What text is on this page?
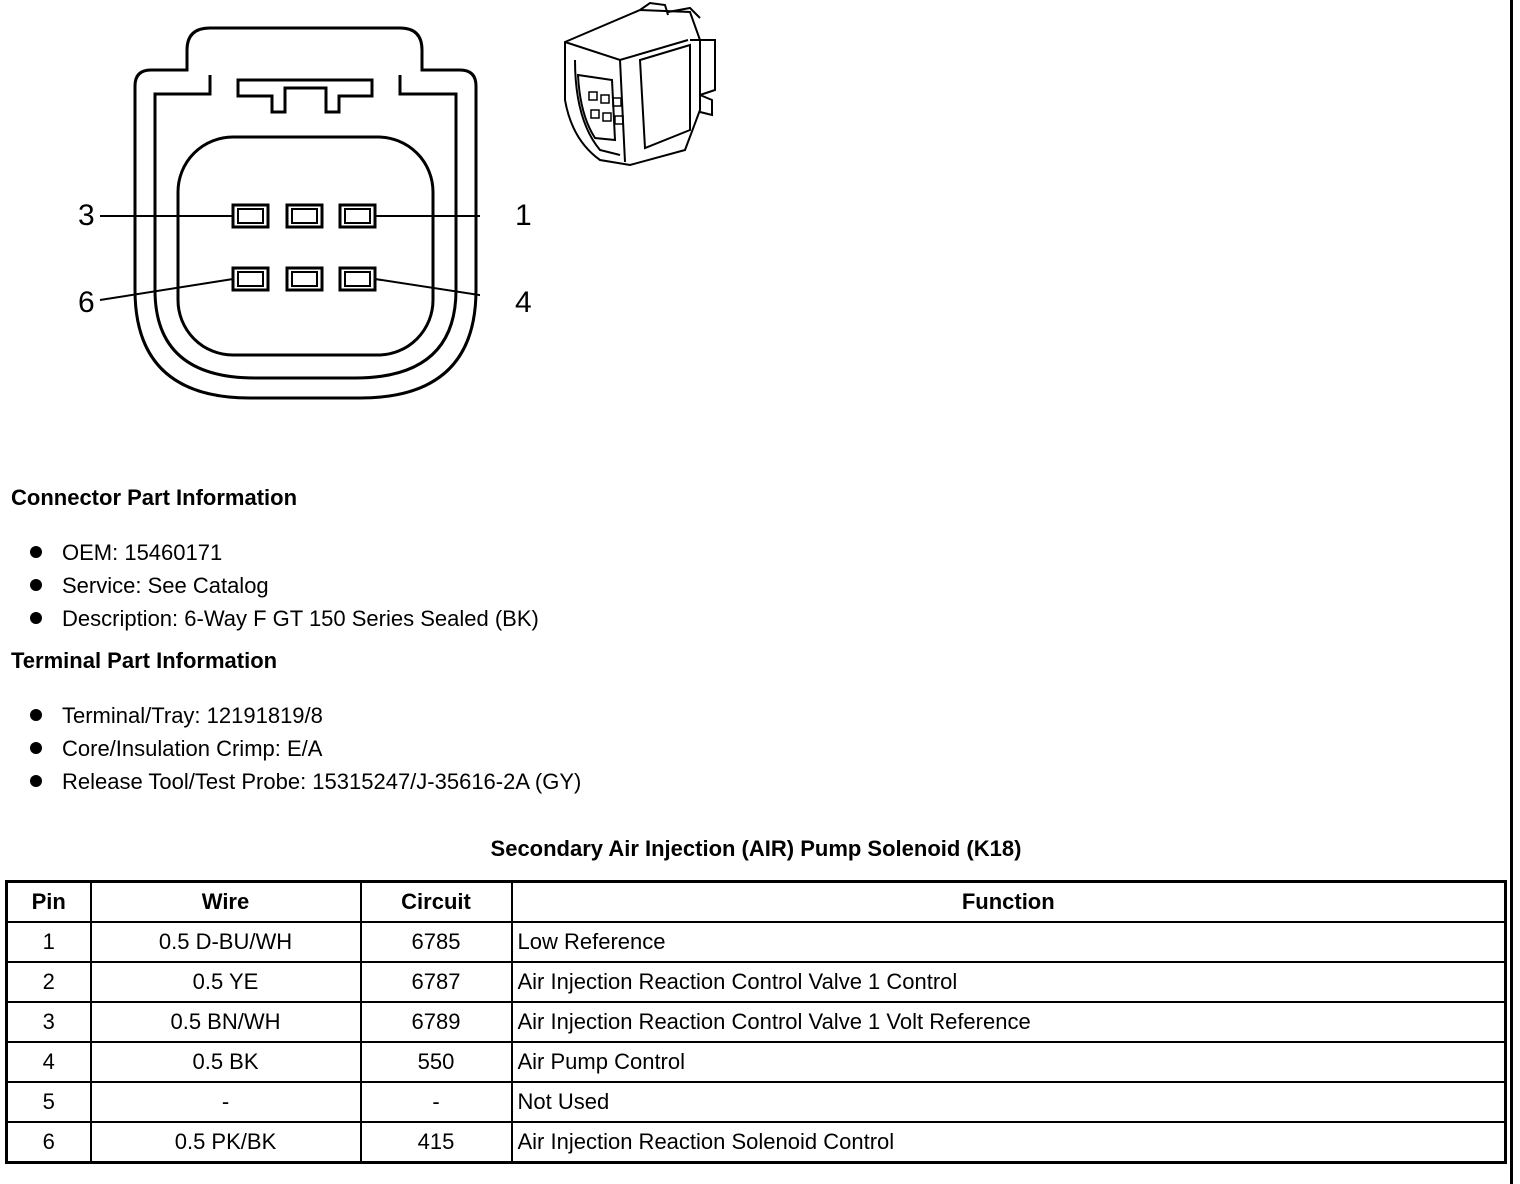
3	1
6	4
Connector Part Information
OEM: 15460171
Service: See Catalog
Description: 6-Way F GT 150 Series Sealed (BK)
Terminal Part Information
Terminal/Tray: 12191819/8
Core/Insulation Crimp: E/A
Release Tool/Test Probe: 15315247/J-35616-2A (GY)
Secondary Air Injection (AIR) Pump Solenoid (K18)
Pin	Wire	Circuit	Function
1	0.5 D-BU/WH	6785	Low Reference
2	0.5 YE	6787	Air Injection Reaction Control Valve 1 Control
3	0.5 BN/WH	6789	Air Injection Reaction Control Valve 1 Volt Reference
4	0.5 BK	550	Air Pump Control
5	-	-	Not Used
6	0.5 PK/BK	415	Air Injection Reaction Solenoid Control
